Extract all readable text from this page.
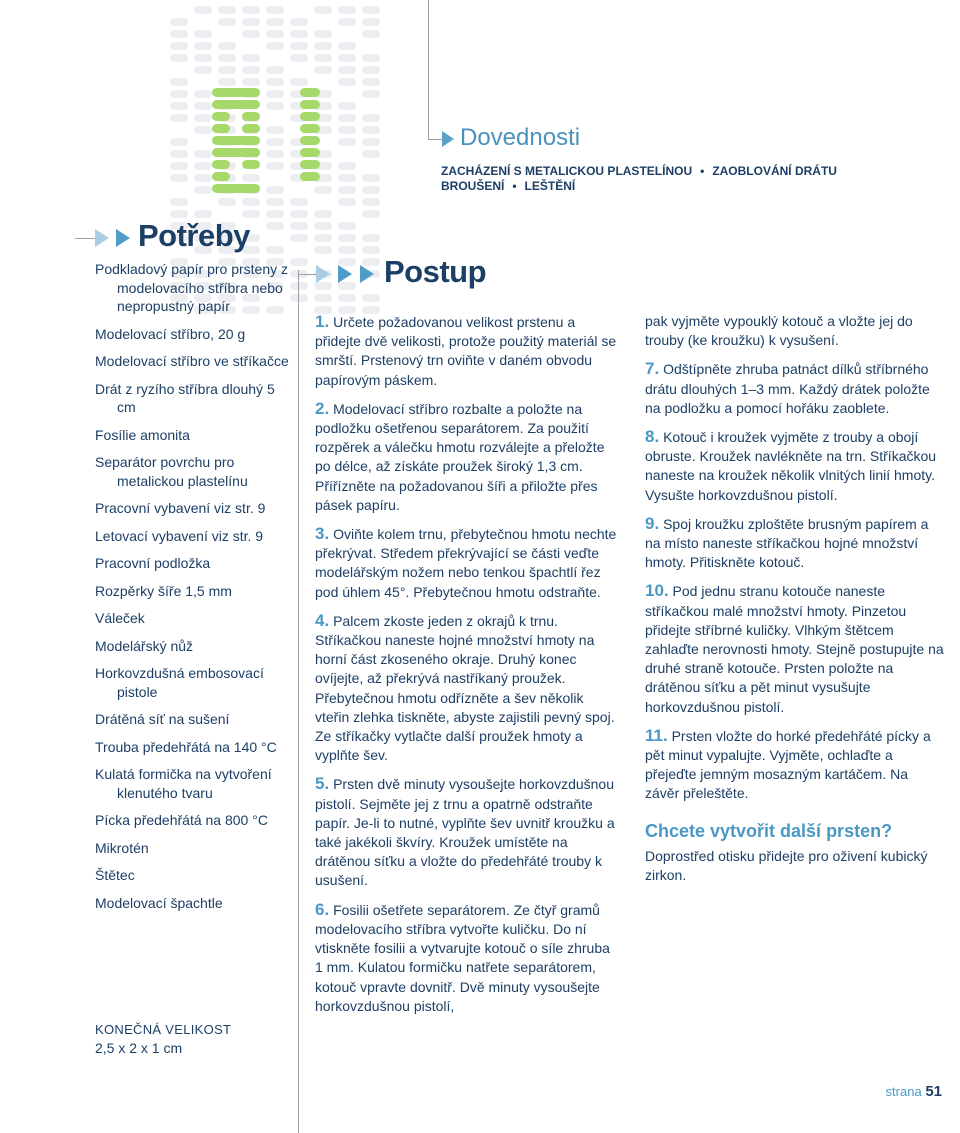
Dovednosti
ZACHÁZENÍ S METALICKOU PLASTELÍNOU • ZAOBLOVÁNÍ DRÁTU
BROUŠENÍ • LEŠTĚNÍ
Potřeby
Podkladový papír pro prsteny z modelovacího stříbra nebo nepropustný papír
Modelovací stříbro, 20 g
Modelovací stříbro ve stříkačce
Drát z ryzího stříbra dlouhý 5 cm
Fosílie amonita
Separátor povrchu pro metalickou plastelínu
Pracovní vybavení viz str. 9
Letovací vybavení viz str. 9
Pracovní podložka
Rozpěrky šíře 1,5 mm
Váleček
Modelářský nůž
Horkovzdušná embosovací pistole
Drátěná síť na sušení
Trouba předehřátá na 140 °C
Kulatá formička na vytvoření klenutého tvaru
Pícka předehřátá na 800 °C
Mikrotén
Štětec
Modelovací špachtle
KONEČNÁ VELIKOST
2,5 x 2 x 1 cm
Postup
1. Určete požadovanou velikost prstenu a přidejte dvě velikosti, protože použitý materiál se smrští. Prstenový trn oviňte v daném obvodu papírovým páskem.
2. Modelovací stříbro rozbalte a položte na podložku ošetřenou separátorem. Za použití rozpěrek a válečku hmotu rozválejte a přeložte po délce, až získáte proužek široký 1,3 cm. Přířízněte na požadovanou šíři a přiložte přes pásek papíru.
3. Oviňte kolem trnu, přebytečnou hmotu nechte překrývat. Středem překrývající se části veďte modelářským nožem nebo tenkou špachtlí řez pod úhlem 45°. Přebytečnou hmotu odstraňte.
4. Palcem zkoste jeden z okrajů k trnu. Stříkačkou naneste hojné množství hmoty na horní část zkoseného okraje. Druhý konec ovíjejte, až překrývá nastříkaný proužek. Přebytečnou hmotu odřízněte a šev několik vteřin zlehka tiskněte, abyste zajistili pevný spoj. Ze stříkačky vytlačte další proužek hmoty a vyplňte šev.
5. Prsten dvě minuty vysoušejte horkovzdušnou pistolí. Sejměte jej z trnu a opatrně odstraňte papír. Je-li to nutné, vyplňte šev uvnitř kroužku a také jakékoli škvíry. Kroužek umístěte na drátěnou síťku a vložte do předehřáté trouby k usušení.
6. Fosilii ošetřete separátorem. Ze čtyř gramů modelovacího stříbra vytvořte kuličku. Do ní vtiskněte fosilii a vytvarujte kotouč o síle zhruba 1 mm. Kulatou formičku natřete separátorem, kotouč vpravte dovnitř. Dvě minuty vysoušejte horkovzdušnou pistolí,
pak vyjměte vypouklý kotouč a vložte jej do trouby (ke kroužku) k vysušení.
7. Odštípněte zhruba patnáct dílků stříbrného drátu dlouhých 1–3 mm. Každý drátek položte na podložku a pomocí hořáku zaoblete.
8. Kotouč i kroužek vyjměte z trouby a obojí obruste. Kroužek navlékněte na trn. Stříkačkou naneste na kroužek několik vlnitých linií hmoty. Vysušte horkovzdušnou pistolí.
9. Spoj kroužku zploštěte brusným papírem a na místo naneste stříkačkou hojné množství hmoty. Přitiskněte kotouč.
10. Pod jednu stranu kotouče naneste stříkačkou malé množství hmoty. Pinzetou přidejte stříbrné kuličky. Vlhkým štětcem zahlaďte nerovnosti hmoty. Stejně postupujte na druhé straně kotouče. Prsten položte na drátěnou síťku a pět minut vysušujte horkovzdušnou pistolí.
11. Prsten vložte do horké předehřáté pícky a pět minut vypalujte. Vyjměte, ochlaďte a přejeďte jemným mosazným kartáčem. Na závěr přeleštěte.
Chcete vytvořit další prsten?
Doprostřed otisku přidejte pro oživení kubický zirkon.
strana 51
